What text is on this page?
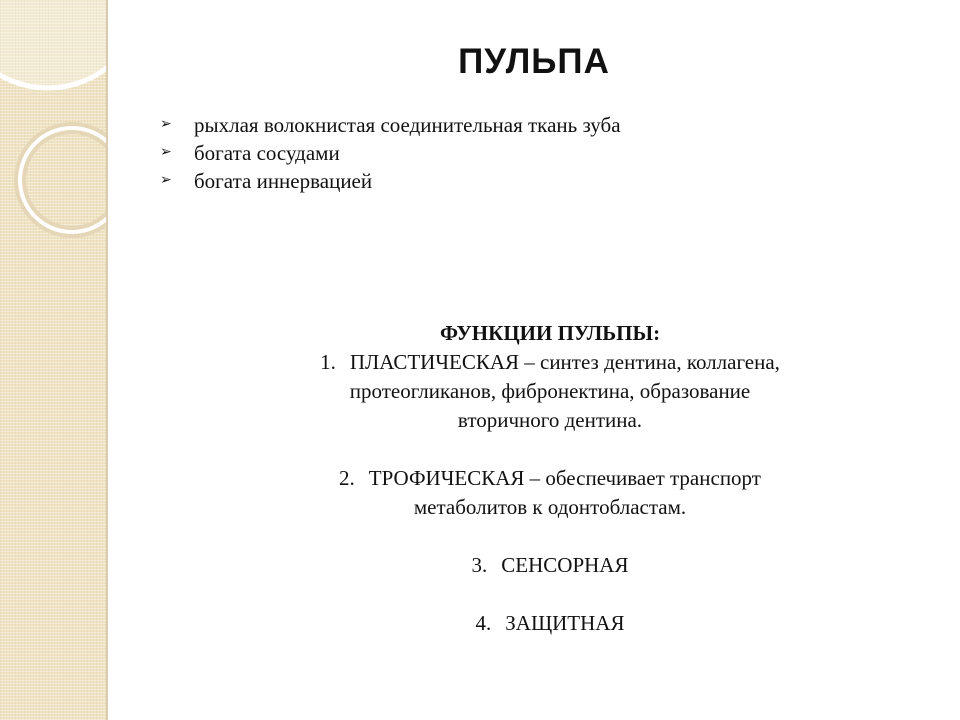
ПУЛЬПА
➢ рыхлая волокнистая соединительная ткань зуба
➢ богата сосудами
➢ богата иннервацией
ФУНКЦИИ ПУЛЬПЫ:
1. ПЛАСТИЧЕСКАЯ – синтез дентина, коллагена,
протеогликанов, фибронектина, образование
вторичного дентина.
2. ТРОФИЧЕСКАЯ – обеспечивает транспорт
метаболитов к одонтобластам.
3. СЕНСОРНАЯ
4. ЗАЩИТНАЯ
